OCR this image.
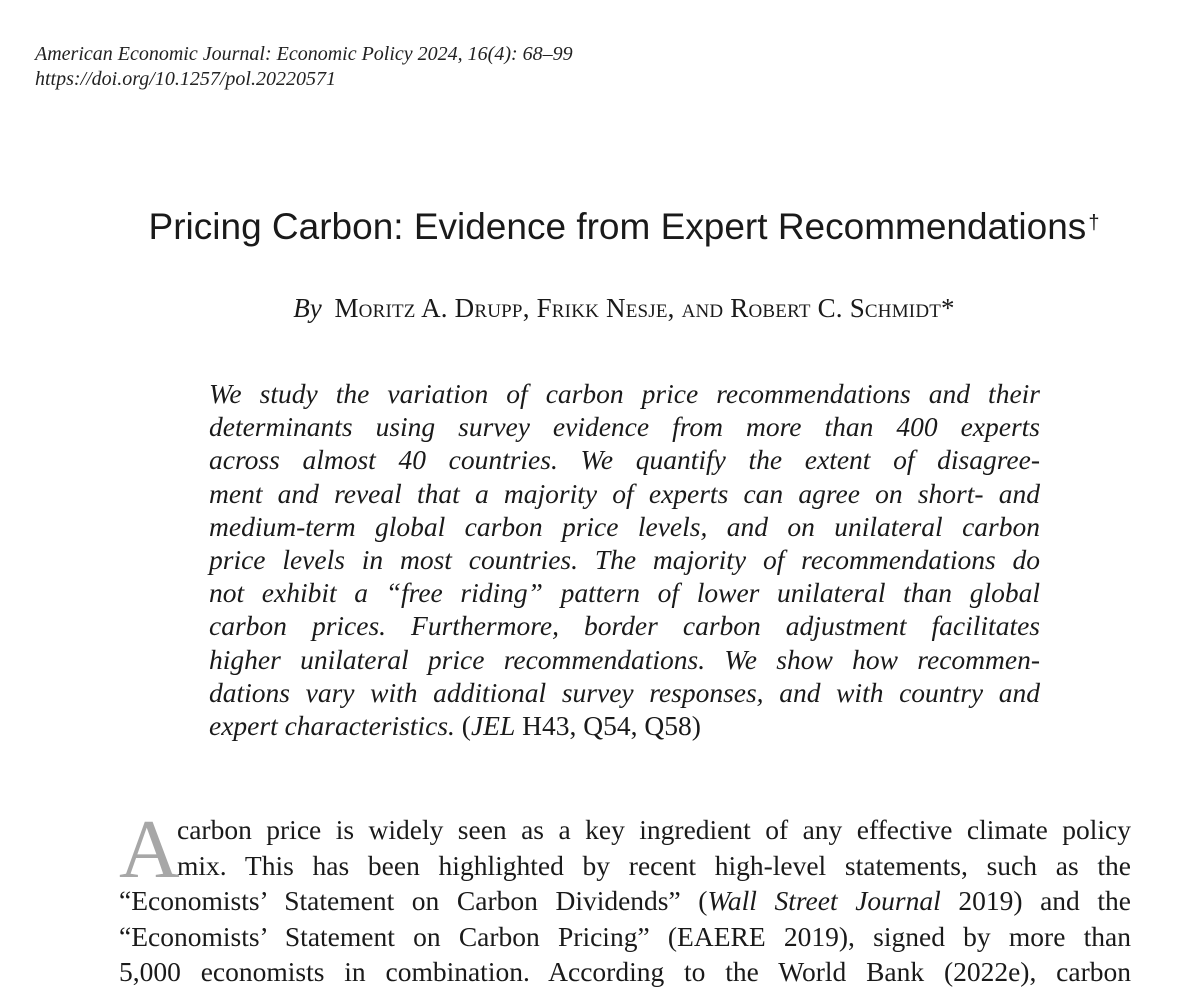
American Economic Journal: Economic Policy 2024, 16(4): 68–99
https://doi.org/10.1257/pol.20220571
Pricing Carbon: Evidence from Expert Recommendations †
By Moritz A. Drupp, Frikk Nesje, and Robert C. Schmidt*
We study the variation of carbon price recommendations and their
determinants using survey evidence from more than 400 experts
across almost 40 countries. We quantify the extent of disagree-
ment and reveal that a majority of experts can agree on short- and
medium-term global carbon price levels, and on unilateral carbon
price levels in most countries. The majority of recommendations do
not exhibit a “free riding” pattern of lower unilateral than global
carbon prices. Furthermore, border carbon adjustment facilitates
higher unilateral price recommendations. We show how recommen-
dations vary with additional survey responses, and with country and
expert characteristics. (JEL H43, Q54, Q58)
A
carbon price is widely seen as a key ingredient of any effective climate policy
mix. This has been highlighted by recent high-level statements, such as the
“Economists’ Statement on Carbon Dividends” (Wall Street Journal 2019) and the
“Economists’ Statement on Carbon Pricing” (EAERE 2019), signed by more than
5,000 economists in combination. According to the World Bank (2022e), carbon
